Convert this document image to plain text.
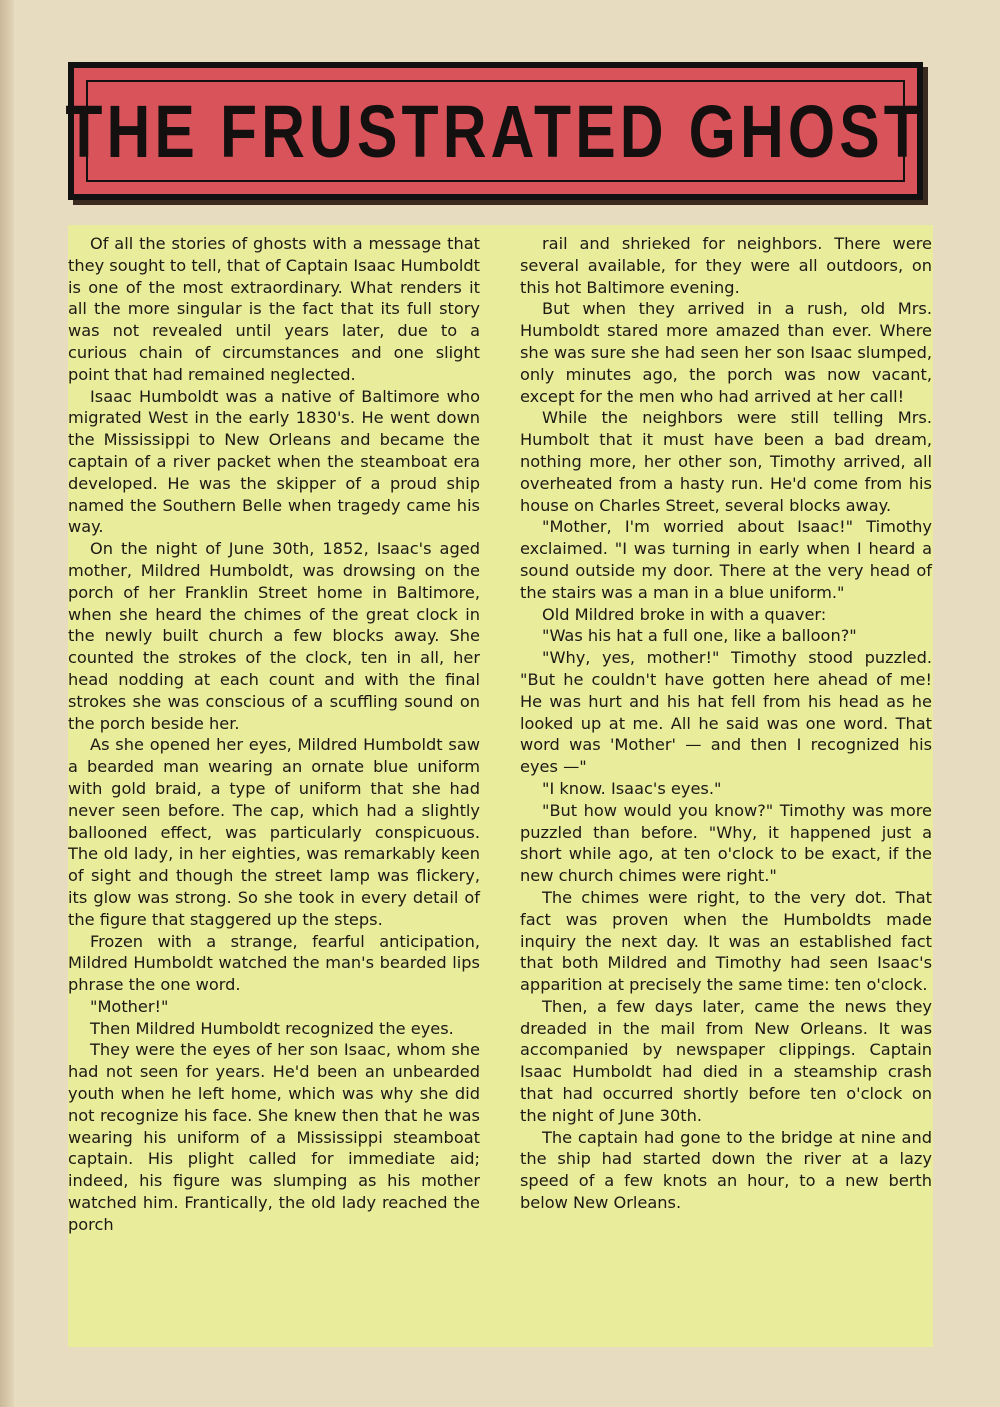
THE FRUSTRATED GHOST

Of all the stories of ghosts with a message that they sought to tell, that of Captain Isaac Humboldt is one of the most extraordinary. What renders it all the more singular is the fact that its full story was not revealed until years later, due to a curious chain of circumstances and one slight point that had remained neglected.

Isaac Humboldt was a native of Baltimore who migrated West in the early 1830's. He went down the Mississippi to New Orleans and became the captain of a river packet when the steamboat era developed. He was the skipper of a proud ship named the Southern Belle when tragedy came his way.

On the night of June 30th, 1852, Isaac's aged mother, Mildred Humboldt, was drowsing on the porch of her Franklin Street home in Baltimore, when she heard the chimes of the great clock in the newly built church a few blocks away. She counted the strokes of the clock, ten in all, her head nodding at each count and with the final strokes she was conscious of a scuffling sound on the porch beside her.

As she opened her eyes, Mildred Humboldt saw a bearded man wearing an ornate blue uniform with gold braid, a type of uniform that she had never seen before. The cap, which had a slightly ballooned effect, was particularly conspicuous. The old lady, in her eighties, was remarkably keen of sight and though the street lamp was flickery, its glow was strong. So she took in every detail of the figure that staggered up the steps.

Frozen with a strange, fearful anticipation, Mildred Humboldt watched the man's bearded lips phrase the one word.

"Mother!"

Then Mildred Humboldt recognized the eyes.

They were the eyes of her son Isaac, whom she had not seen for years. He'd been an unbearded youth when he left home, which was why she did not recognize his face. She knew then that he was wearing his uniform of a Mississippi steamboat captain. His plight called for immediate aid; indeed, his figure was slumping as his mother watched him. Frantically, the old lady reached the porch

rail and shrieked for neighbors. There were several available, for they were all outdoors, on this hot Baltimore evening.

But when they arrived in a rush, old Mrs. Humboldt stared more amazed than ever. Where she was sure she had seen her son Isaac slumped, only minutes ago, the porch was now vacant, except for the men who had arrived at her call!

While the neighbors were still telling Mrs. Humbolt that it must have been a bad dream, nothing more, her other son, Timothy arrived, all overheated from a hasty run. He'd come from his house on Charles Street, several blocks away.

"Mother, I'm worried about Isaac!" Timothy exclaimed. "I was turning in early when I heard a sound outside my door. There at the very head of the stairs was a man in a blue uniform."

Old Mildred broke in with a quaver:

"Was his hat a full one, like a balloon?"

"Why, yes, mother!" Timothy stood puzzled. "But he couldn't have gotten here ahead of me! He was hurt and his hat fell from his head as he looked up at me. All he said was one word. That word was 'Mother' — and then I recognized his eyes —"

"I know. Isaac's eyes."

"But how would you know?" Timothy was more puzzled than before. "Why, it happened just a short while ago, at ten o'clock to be exact, if the new church chimes were right."

The chimes were right, to the very dot. That fact was proven when the Humboldts made inquiry the next day. It was an established fact that both Mildred and Timothy had seen Isaac's apparition at precisely the same time: ten o'clock.

Then, a few days later, came the news they dreaded in the mail from New Orleans. It was accompanied by newspaper clippings. Captain Isaac Humboldt had died in a steamship crash that had occurred shortly before ten o'clock on the night of June 30th.

The captain had gone to the bridge at nine and the ship had started down the river at a lazy speed of a few knots an hour, to a new berth below New Orleans.
